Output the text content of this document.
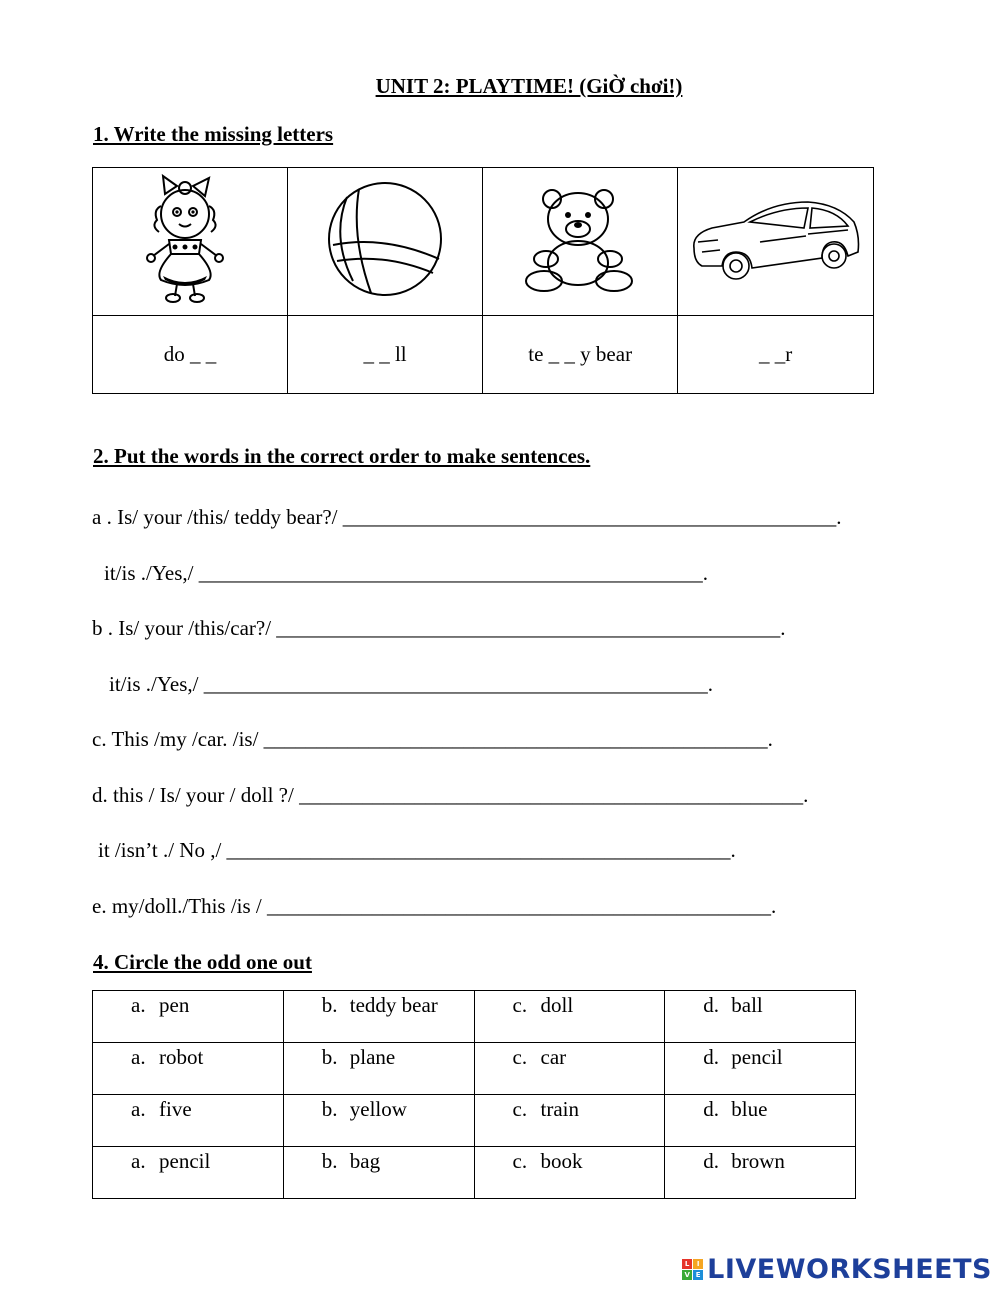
UNIT 2: PLAYTIME! (GiỜ chơi!)
1. Write the missing letters

do _ _	_ _ ll	te _ _ y bear	_ _r
2. Put the words in the correct order to make sentences.
a . Is/ your /this/ teddy bear?/ _______________________________________________.
it/is ./Yes,/ ________________________________________________.
b . Is/ your /this/car?/ ________________________________________________.
it/is ./Yes,/ ________________________________________________.
c. This /my /car. /is/ ________________________________________________.
d. this / Is/ your / doll ?/ ________________________________________________.
it /isn’t ./ No ,/ ________________________________________________.
e. my/doll./This /is / ________________________________________________.
4. Circle the odd one out
a. pen	b. teddy bear	c. doll	d. ball
a. robot	b. plane	c. car	d. pencil
a. five	b. yellow	c. train	d. blue
a. pencil	b. bag	c. book	d. brown
L	I
V E LIVEWORKSHEETS
